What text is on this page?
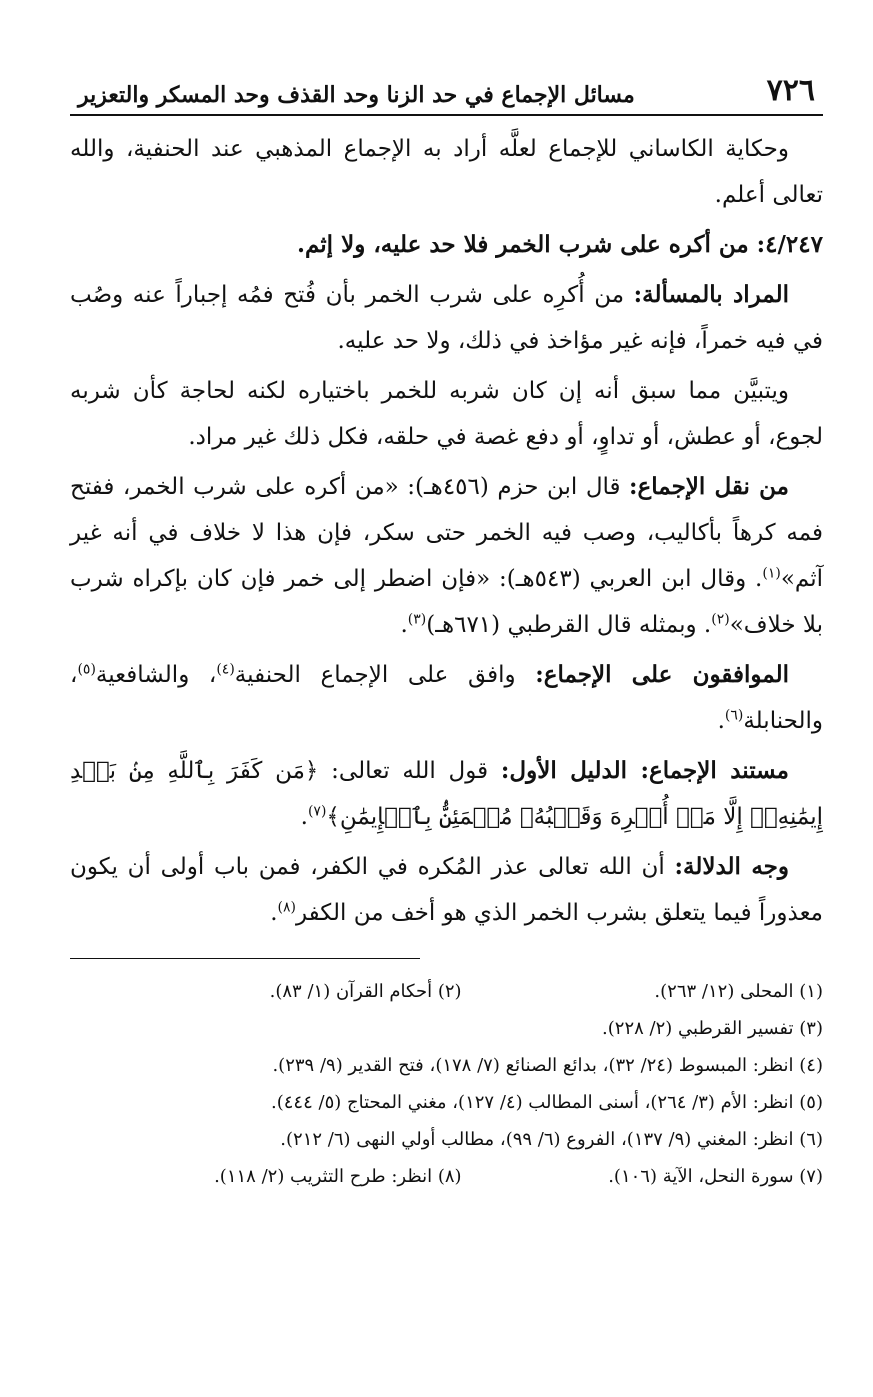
٧٢٦
مسائل الإجماع في حد الزنا وحد القذف وحد المسكر والتعزير

وحكاية الكاساني للإجماع لعلَّه أراد به الإجماع المذهبي عند الحنفية، والله تعالى أعلم.

٤/٢٤٧: من أكره على شرب الخمر فلا حد عليه، ولا إثم.

المراد بالمسألة: من أُكرِه على شرب الخمر بأن فُتح فمُه إجباراً عنه وصُب في فيه خمراً، فإنه غير مؤاخذ في ذلك، ولا حد عليه.

ويتبيَّن مما سبق أنه إن كان شربه للخمر باختياره لكنه لحاجة كأن شربه لجوع، أو عطش، أو تداوٍ، أو دفع غصة في حلقه، فكل ذلك غير مراد.

من نقل الإجماع: قال ابن حزم (٤٥٦هـ): «من أكره على شرب الخمر، ففتح فمه كرهاً بأكاليب، وصب فيه الخمر حتى سكر، فإن هذا لا خلاف في أنه غير آثم»$^{(١)}$. وقال ابن العربي (٥٤٣هـ): «فإن اضطر إلى خمر فإن كان بإكراه شرب بلا خلاف»$^{(٢)}$. وبمثله قال القرطبي (٦٧١هـ)$^{(٣)}$.

الموافقون على الإجماع: وافق على الإجماع الحنفية$^{(٤)}$، والشافعية$^{(٥)}$، والحنابلة$^{(٦)}$.

مستند الإجماع: الدليل الأول: قول الله تعالى: ﴿مَن كَفَرَ بِٱللَّهِ مِنۢ بَعۡدِ إِيمَٰنِهِۦٓ إِلَّا مَنۡ أُكۡرِهَ وَقَلۡبُهُۥ مُطۡمَئِنُّۢ بِٱلۡإِيمَٰنِ﴾$^{(٧)}$.

وجه الدلالة: أن الله تعالى عذر المُكره في الكفر، فمن باب أولى أن يكون معذوراً فيما يتعلق بشرب الخمر الذي هو أخف من الكفر$^{(٨)}$.

(١) المحلى (١٢/ ٢٦٣).
(٢) أحكام القرآن (١/ ٨٣).
(٣) تفسير القرطبي (٢/ ٢٢٨).
(٤) انظر: المبسوط (٢٤/ ٣٢)، بدائع الصنائع (٧/ ١٧٨)، فتح القدير (٩/ ٢٣٩).
(٥) انظر: الأم (٣/ ٢٦٤)، أسنى المطالب (٤/ ١٢٧)، مغني المحتاج (٥/ ٤٤٤).
(٦) انظر: المغني (٩/ ١٣٧)، الفروع (٦/ ٩٩)، مطالب أولي النهى (٦/ ٢١٢).
(٧) سورة النحل، الآية (١٠٦).
(٨) انظر: طرح التثريب (٢/ ١١٨).
